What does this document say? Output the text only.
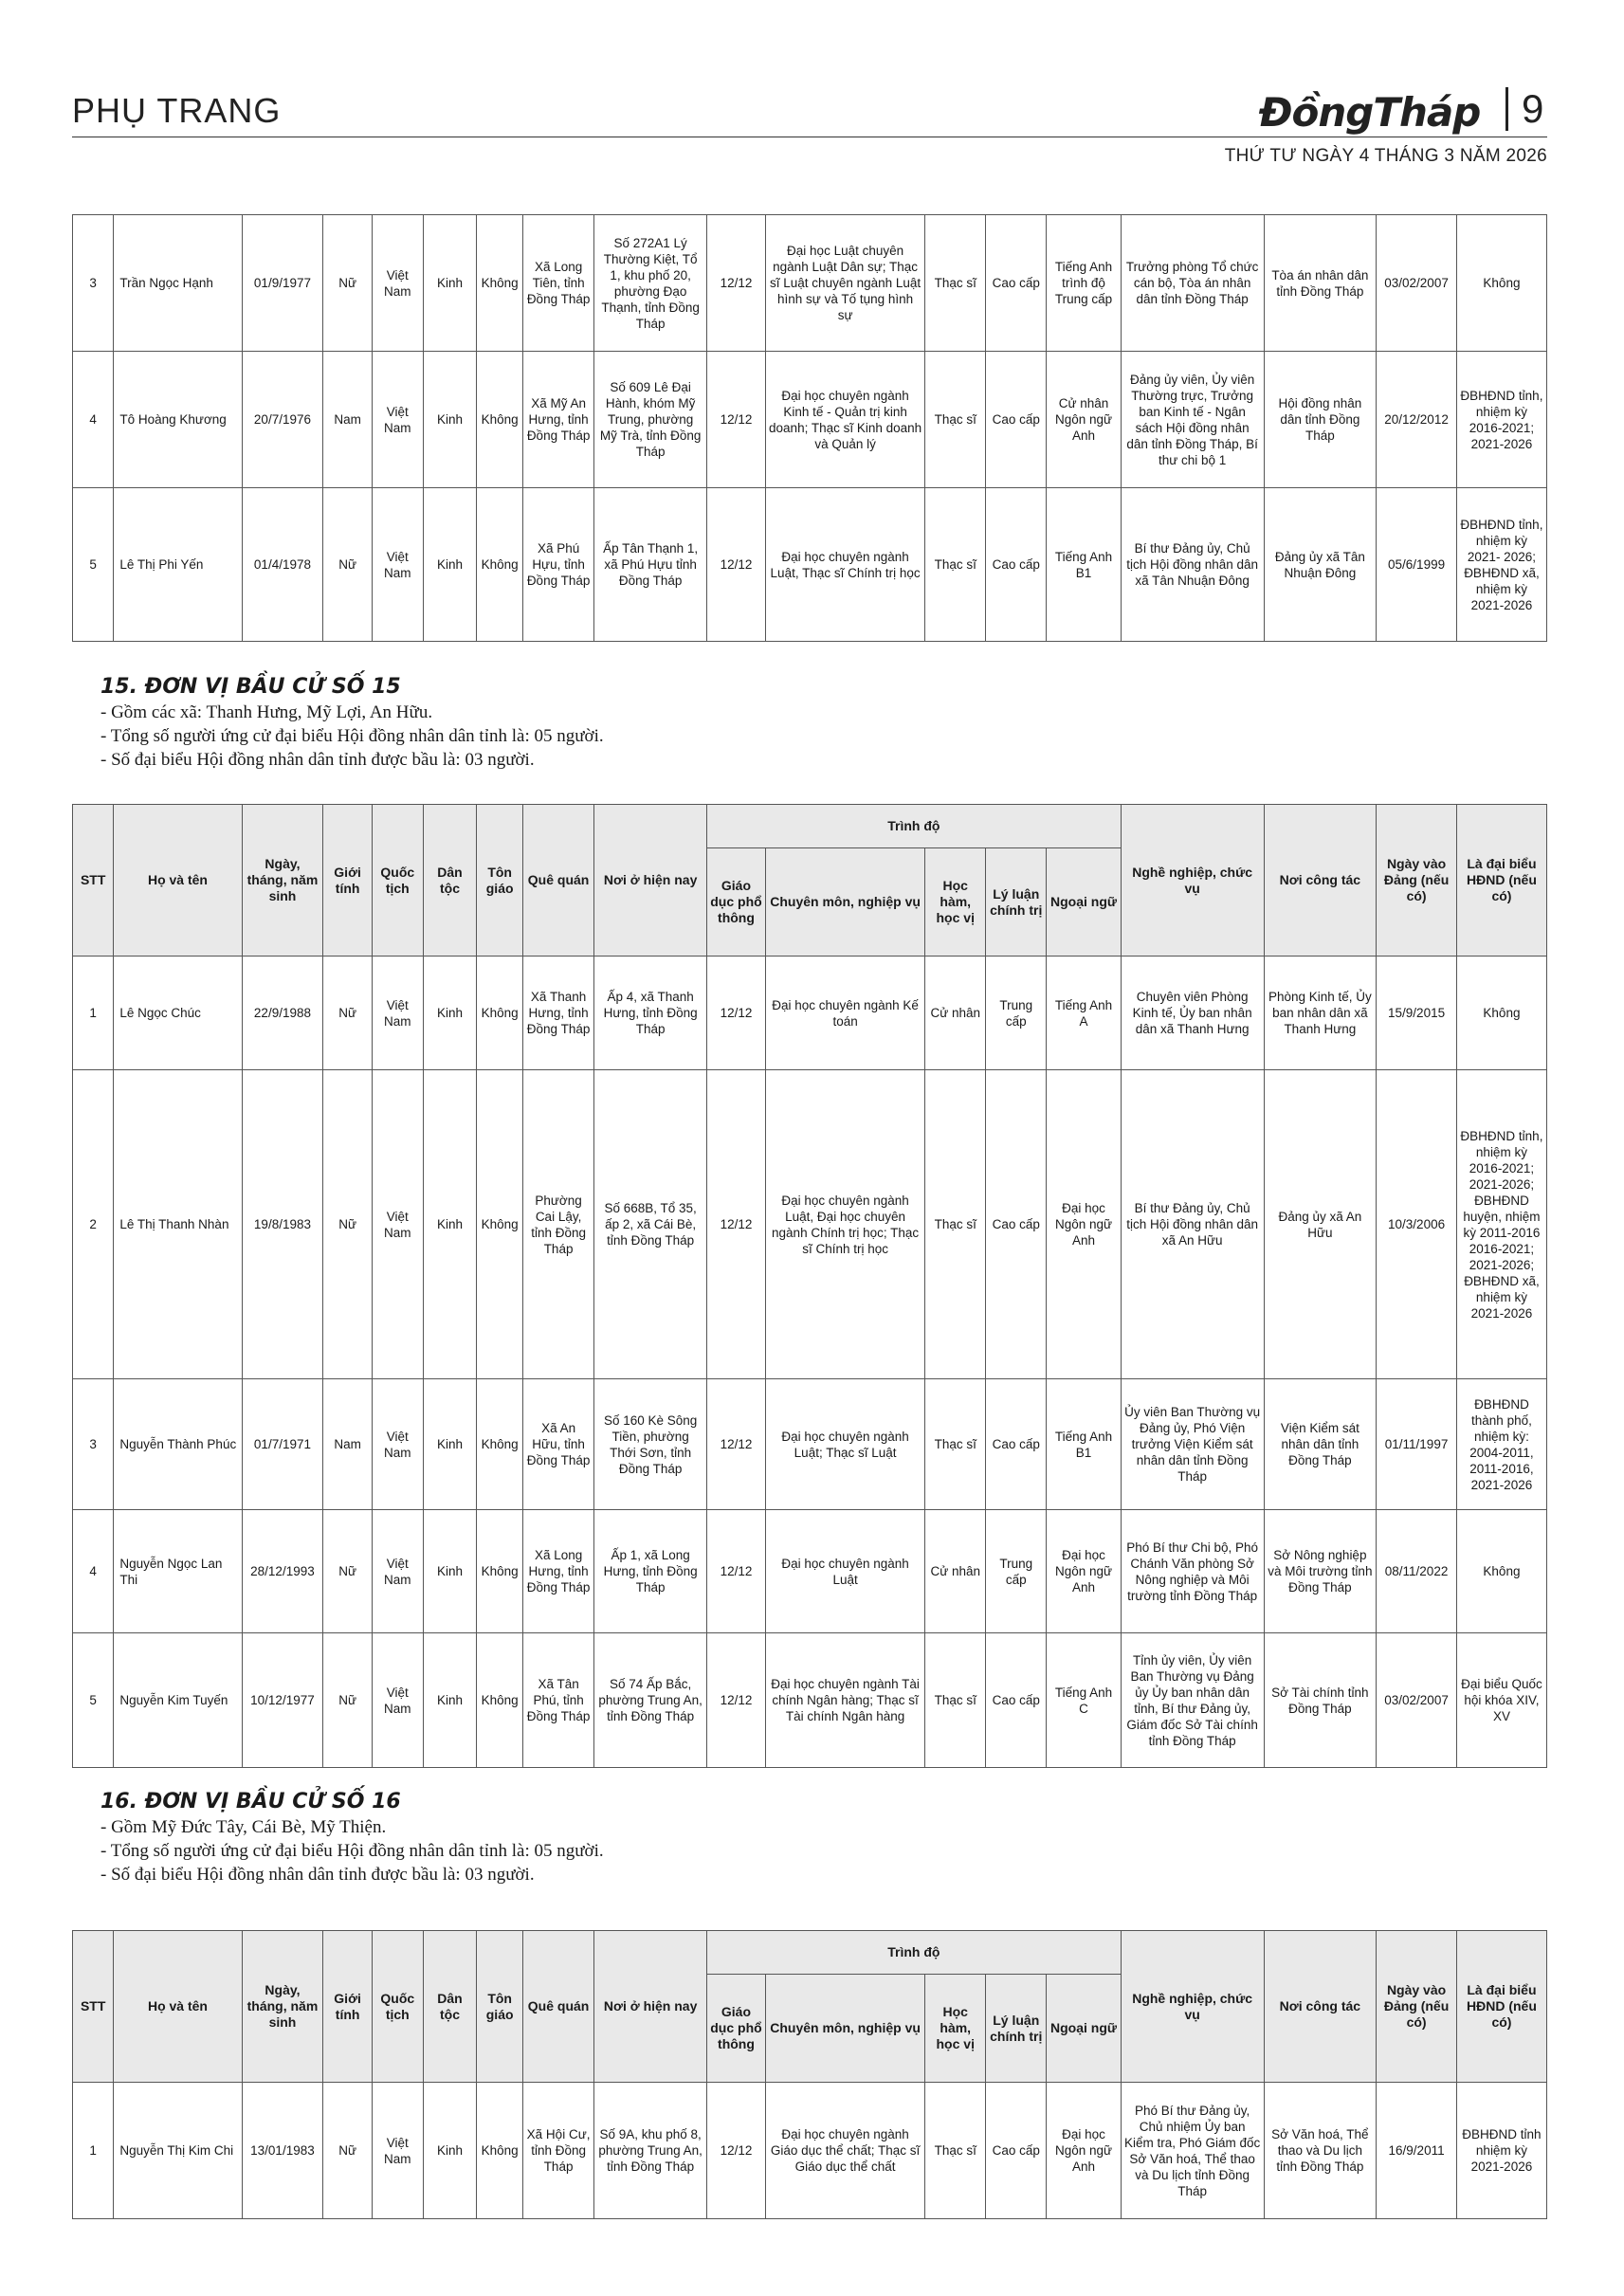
PHỤ TRANG	ĐồngTháp	9
THỨ TƯ NGÀY 4 THÁNG 3 NĂM 2026
3	Trần Ngọc Hạnh	01/9/1977	Nữ	Việt Nam	Kinh	Không	Xã Long Tiên, tỉnh Đồng Tháp	Số 272A1 Lý Thường Kiệt, Tổ 1, khu phố 20, phường Đạo Thạnh, tỉnh Đồng Tháp	12/12	Đại học Luật chuyên ngành Luật Dân sự; Thạc sĩ Luật chuyên ngành Luật hình sự và Tố tụng hình sự	Thạc sĩ	Cao cấp	Tiếng Anh trình độ Trung cấp	Trưởng phòng Tổ chức cán bộ, Tòa án nhân dân tỉnh Đồng Tháp	Tòa án nhân dân tỉnh Đồng Tháp	03/02/2007	Không
4	Tô Hoàng Khương	20/7/1976	Nam	Việt Nam	Kinh	Không	Xã Mỹ An Hưng, tỉnh Đồng Tháp	Số 609 Lê Đại Hành, khóm Mỹ Trung, phường Mỹ Trà, tỉnh Đồng Tháp	12/12	Đại học chuyên ngành Kinh tế - Quản trị kinh doanh; Thạc sĩ Kinh doanh và Quản lý	Thạc sĩ	Cao cấp	Cử nhân Ngôn ngữ Anh	Đảng ủy viên, Ủy viên Thường trực, Trưởng ban Kinh tế - Ngân sách Hội đồng nhân dân tỉnh Đồng Tháp, Bí thư chi bộ 1	Hội đồng nhân dân tỉnh Đồng Tháp	20/12/2012	ĐBHĐND tỉnh, nhiệm kỳ 2016-2021; 2021-2026
5	Lê Thị Phi Yến	01/4/1978	Nữ	Việt Nam	Kinh	Không	Xã Phú Hựu, tỉnh Đồng Tháp	Ấp Tân Thạnh 1, xã Phú Hựu tỉnh Đồng Tháp	12/12	Đại học chuyên ngành Luật, Thạc sĩ Chính trị học	Thạc sĩ	Cao cấp	Tiếng Anh B1	Bí thư Đảng ủy, Chủ tịch Hội đồng nhân dân xã Tân Nhuận Đông	Đảng ủy xã Tân Nhuận Đông	05/6/1999	ĐBHĐND tỉnh, nhiệm kỳ 2021- 2026; ĐBHĐND xã, nhiệm kỳ 2021-2026
15. ĐƠN VỊ BẦU CỬ SỐ 15
- Gồm các xã: Thanh Hưng, Mỹ Lợi, An Hữu.
- Tổng số người ứng cử đại biểu Hội đồng nhân dân tỉnh là: 05 người.
- Số đại biểu Hội đồng nhân dân tỉnh được bầu là: 03 người.
STT	Họ và tên	Ngày, tháng, năm sinh	Giới tính	Quốc tịch	Dân tộc	Tôn giáo	Quê quán	Nơi ở hiện nay	Trình độ					Nghề nghiệp, chức vụ	Nơi công tác	Ngày vào Đảng (nếu có)	Là đại biểu HĐND (nếu có)
									Giáo dục phổ thông	Chuyên môn, nghiệp vụ	Học hàm, học vị	Lý luận chính trị	Ngoại ngữ				
1	Lê Ngọc Chúc	22/9/1988	Nữ	Việt Nam	Kinh	Không	Xã Thanh Hưng, tỉnh Đồng Tháp	Ấp 4, xã Thanh Hưng, tỉnh Đồng Tháp	12/12	Đại học chuyên ngành Kế toán	Cử nhân	Trung cấp	Tiếng Anh A	Chuyên viên Phòng Kinh tế, Ủy ban nhân dân xã Thanh Hưng	Phòng Kinh tế, Ủy ban nhân dân xã Thanh Hưng	15/9/2015	Không
2	Lê Thị Thanh Nhàn	19/8/1983	Nữ	Việt Nam	Kinh	Không	Phường Cai Lậy, tỉnh Đồng Tháp	Số 668B, Tổ 35, ấp 2, xã Cái Bè, tỉnh Đồng Tháp	12/12	Đại học chuyên ngành Luật, Đại học chuyên ngành Chính trị học; Thạc sĩ Chính trị học	Thạc sĩ	Cao cấp	Đại học Ngôn ngữ Anh	Bí thư Đảng ủy, Chủ tịch Hội đồng nhân dân xã An Hữu	Đảng ủy xã An Hữu	10/3/2006	ĐBHĐND tỉnh, nhiệm kỳ 2016-2021; 2021-2026; ĐBHĐND huyện, nhiệm kỳ 2011-2016 2016-2021; 2021-2026; ĐBHĐND xã, nhiệm kỳ 2021-2026
3	Nguyễn Thành Phúc	01/7/1971	Nam	Việt Nam	Kinh	Không	Xã An Hữu, tỉnh Đồng Tháp	Số 160 Kè Sông Tiền, phường Thới Sơn, tỉnh Đồng Tháp	12/12	Đại học chuyên ngành Luật; Thạc sĩ Luật	Thạc sĩ	Cao cấp	Tiếng Anh B1	Ủy viên Ban Thường vụ Đảng ủy, Phó Viện trưởng Viện Kiểm sát nhân dân tỉnh Đồng Tháp	Viện Kiểm sát nhân dân tỉnh Đồng Tháp	01/11/1997	ĐBHĐND thành phố, nhiệm kỳ: 2004-2011, 2011-2016, 2021-2026
4	Nguyễn Ngọc Lan Thi	28/12/1993	Nữ	Việt Nam	Kinh	Không	Xã Long Hưng, tỉnh Đồng Tháp	Ấp 1, xã Long Hưng, tỉnh Đồng Tháp	12/12	Đại học chuyên ngành Luật	Cử nhân	Trung cấp	Đại học Ngôn ngữ Anh	Phó Bí thư Chi bộ, Phó Chánh Văn phòng Sở Nông nghiệp và Môi trường tỉnh Đồng Tháp	Sở Nông nghiệp và Môi trường tỉnh Đồng Tháp	08/11/2022	Không
5	Nguyễn Kim Tuyến	10/12/1977	Nữ	Việt Nam	Kinh	Không	Xã Tân Phú, tỉnh Đồng Tháp	Số 74 Ấp Bắc, phường Trung An, tỉnh Đồng Tháp	12/12	Đại học chuyên ngành Tài chính Ngân hàng; Thạc sĩ Tài chính Ngân hàng	Thạc sĩ	Cao cấp	Tiếng Anh C	Tỉnh ủy viên, Ủy viên Ban Thường vụ Đảng ủy Ủy ban nhân dân tỉnh, Bí thư Đảng ủy, Giám đốc Sở Tài chính tỉnh Đồng Tháp	Sở Tài chính tỉnh Đồng Tháp	03/02/2007	Đại biểu Quốc hội khóa XIV, XV
16. ĐƠN VỊ BẦU CỬ SỐ 16
- Gồm Mỹ Đức Tây, Cái Bè, Mỹ Thiện.
- Tổng số người ứng cử đại biểu Hội đồng nhân dân tỉnh là: 05 người.
- Số đại biểu Hội đồng nhân dân tỉnh được bầu là: 03 người.
STT	Họ và tên	Ngày, tháng, năm sinh	Giới tính	Quốc tịch	Dân tộc	Tôn giáo	Quê quán	Nơi ở hiện nay	Trình độ					Nghề nghiệp, chức vụ	Nơi công tác	Ngày vào Đảng (nếu có)	Là đại biểu HĐND (nếu có)
									Giáo dục phổ thông	Chuyên môn, nghiệp vụ	Học hàm, học vị	Lý luận chính trị	Ngoại ngữ				
1	Nguyễn Thị Kim Chi	13/01/1983	Nữ	Việt Nam	Kinh	Không	Xã Hội Cư, tỉnh Đồng Tháp	Số 9A, khu phố 8, phường Trung An, tỉnh Đồng Tháp	12/12	Đại học chuyên ngành Giáo dục thể chất; Thạc sĩ Giáo dục thể chất	Thạc sĩ	Cao cấp	Đại học Ngôn ngữ Anh	Phó Bí thư Đảng ủy, Chủ nhiệm Ủy ban Kiểm tra, Phó Giám đốc Sở Văn hoá, Thể thao và Du lịch tỉnh Đồng Tháp	Sở Văn hoá, Thể thao và Du lịch tỉnh Đồng Tháp	16/9/2011	ĐBHĐND tỉnh nhiệm kỳ 2021-2026
